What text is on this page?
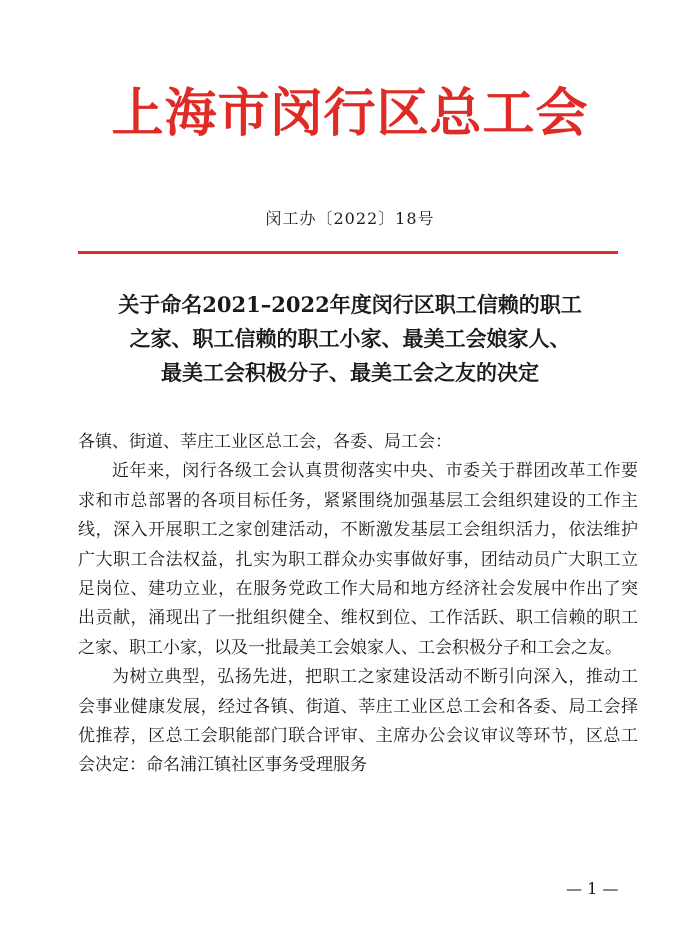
上海市闵行区总工会
闵工办〔2022〕18号
关于命名2021–2022年度闵行区职工信赖的职工
之家、职工信赖的职工小家、最美工会娘家人、
最美工会积极分子、最美工会之友的决定

各镇、街道、莘庄工业区总工会，各委、局工会：

近年来，闵行各级工会认真贯彻落实中央、市委关于群团改革工作要求和市总部署的各项目标任务，紧紧围绕加强基层工会组织建设的工作主线，深入开展职工之家创建活动，不断激发基层工会组织活力，依法维护广大职工合法权益，扎实为职工群众办实事做好事，团结动员广大职工立足岗位、建功立业，在服务党政工作大局和地方经济社会发展中作出了突出贡献，涌现出了一批组织健全、维权到位、工作活跃、职工信赖的职工之家、职工小家，以及一批最美工会娘家人、工会积极分子和工会之友。

为树立典型，弘扬先进，把职工之家建设活动不断引向深入，推动工会事业健康发展，经过各镇、街道、莘庄工业区总工会和各委、局工会择优推荐，区总工会职能部门联合评审、主席办公会议审议等环节，区总工会决定：命名浦江镇社区事务受理服务

— 1 —
